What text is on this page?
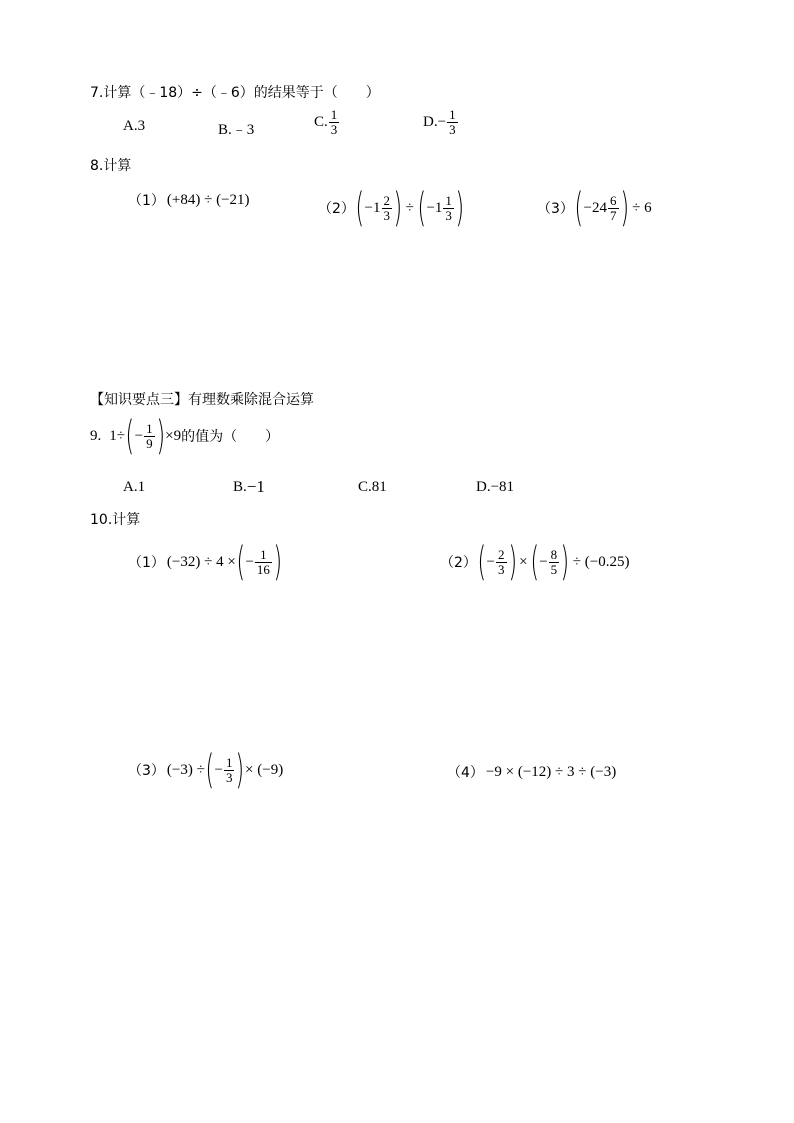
7.计算（﹣18）÷（﹣6）的结果等于（　　）
A.3	B.﹣3	C. $\frac{1}{3}$	D. − $\frac{1}{3}$
8.计算
（1） (+84) ÷ (−21)
（2） ( $-1 \frac{2}{3}$ ) ÷ ( $-1 \frac{1}{3}$ )	（3） ( $-24 \frac{6}{7}$ ) ÷ 6
【知识要点三】有理数乘除混合运算
9. 1÷ ( − $\frac{1}{9}$ ) ×9 的值为（　　）
A.1	B. −1	C.81	D. −81
10.计算
（1） (−32) ÷ 4 × ( − $\frac{1}{16}$ )	（2） ( − $\frac{2}{3}$ ) × ( − $\frac{8}{5}$ ) ÷ (−0.25)
（3） (−3) ÷ ( − $\frac{1}{3}$ ) × (−9)	（4） −9 × (−12) ÷ 3 ÷ (−3)
